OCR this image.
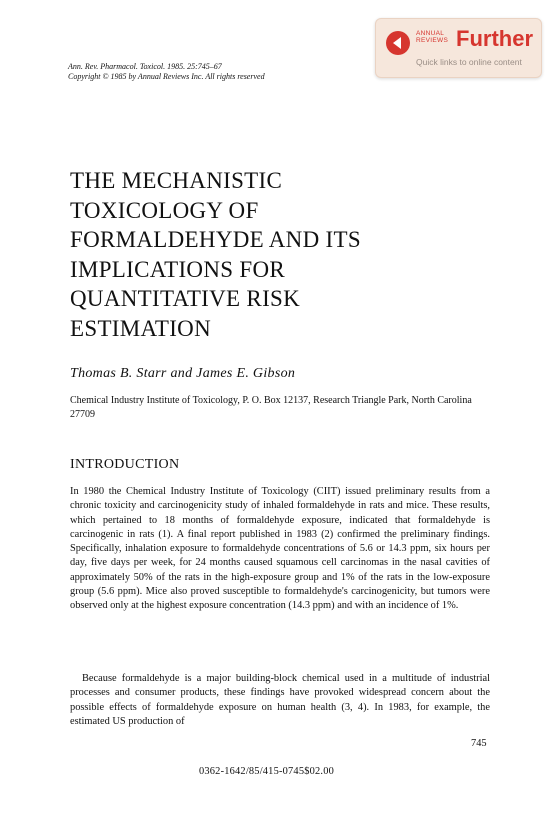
ANNUAL
REVIEWS Further
Quick links to online content
Ann. Rev. Pharmacol. Toxicol. 1985. 25:745–67
Copyright © 1985 by Annual Reviews Inc. All rights reserved
THE MECHANISTIC
TOXICOLOGY OF
FORMALDEHYDE AND ITS
IMPLICATIONS FOR
QUANTITATIVE RISK
ESTIMATION
Thomas B. Starr and James E. Gibson
Chemical Industry Institute of Toxicology, P. O. Box 12137, Research Triangle Park, North Carolina 27709
INTRODUCTION
In 1980 the Chemical Industry Institute of Toxicology (CIIT) issued preliminary results from a chronic toxicity and carcinogenicity study of inhaled formaldehyde in rats and mice. These results, which pertained to 18 months of formaldehyde exposure, indicated that formaldehyde is carcinogenic in rats (1). A final report published in 1983 (2) confirmed the preliminary findings. Specifically, inhalation exposure to formaldehyde concentrations of 5.6 or 14.3 ppm, six hours per day, five days per week, for 24 months caused squamous cell carcinomas in the nasal cavities of approximately 50% of the rats in the high-exposure group and 1% of the rats in the low-exposure group (5.6 ppm). Mice also proved susceptible to formaldehyde's carcinogenicity, but tumors were observed only at the highest exposure concentration (14.3 ppm) and with an incidence of 1%.
Because formaldehyde is a major building-block chemical used in a multitude of industrial processes and consumer products, these findings have provoked widespread concern about the possible effects of formaldehyde exposure on human health (3, 4). In 1983, for example, the estimated US production of
745
0362-1642/85/415-0745$02.00
